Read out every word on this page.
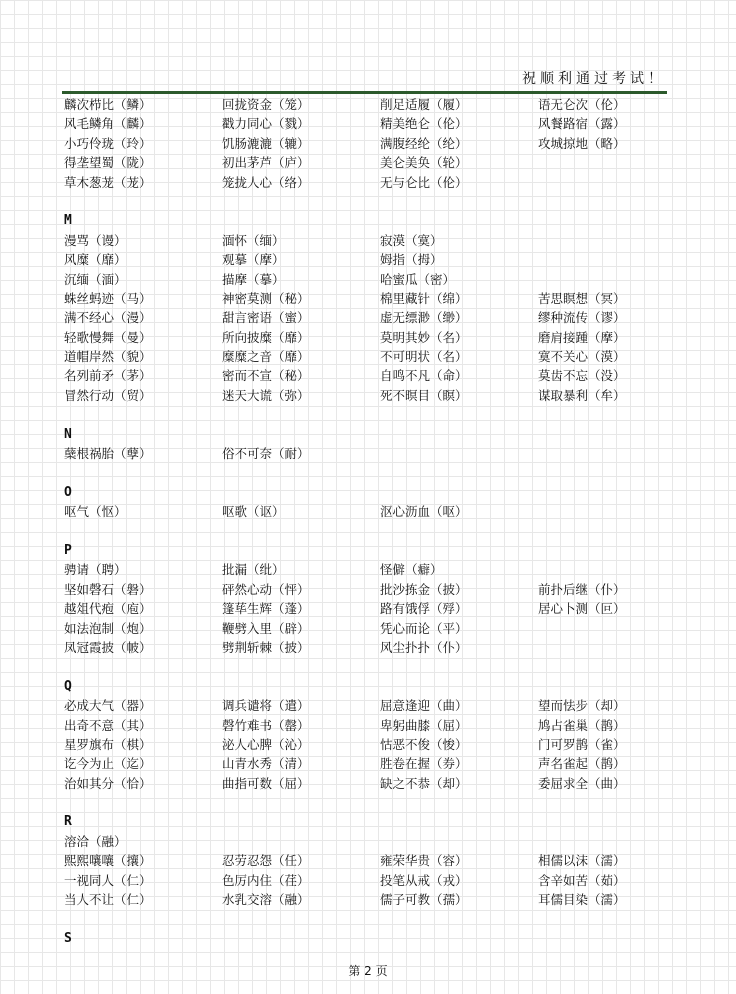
祝顺利通过考试！
麟次栉比（鳞）	回拢资金（笼）	削足适履（履）	语无仑次（伦）
风毛鳞角（麟）	戳力同心（戮）	精美绝仑（伦）	风餐路宿（露）
小巧伶珑（玲）	饥肠漉漉（辘）	满腹经纶（纶）	攻城掠地（略）
得垄望蜀（陇）	初出茅芦（庐）	美仑美奂（轮）
草木葱茏（茏）	笼拢人心（络）	无与仑比（伦）
M
漫骂（谩）	湎怀（缅）	寂漠（寞）
风糜（靡）	观摹（摩）	姆指（拇）
沉缅（湎）	描摩（摹）	哈蜜瓜（密）
蛛丝蚂迹（马）	神密莫测（秘）	棉里藏针（绵）	苦思瞑想（冥）
满不经心（漫）	甜言密语（蜜）	虚无缥渺（缈）	缪种流传（谬）
轻歌慢舞（曼）	所向披糜（靡）	莫明其妙（名）	磨肩接踵（摩）
道帽岸然（貌）	糜糜之音（靡）	不可明状（名）	寞不关心（漠）
名列前矛（茅）	密而不宣（秘）	自鸣不凡（命）	莫齿不忘（没）
冒然行动（贸）	迷天大谎（弥）	死不暝目（瞑）	谋取暴利（牟）
N
蘖根祸胎（孽）	俗不可奈（耐）
O
呕气（怄）	呕歌（讴）	沤心沥血（呕）
P
骋请（聘）	批漏（纰）	怪僻（癖）
坚如磬石（磐）	砰然心动（怦）	批沙拣金（披）	前扑后继（仆）
越俎代疱（庖）	篷荜生辉（蓬）	路有饿俘（殍）	居心卜测（叵）
如法泡制（炮）	鞭劈入里（辟）	凭心而论（平）
凤冠霞披（帔）	劈荆斩棘（披）	风尘扑扑（仆）
Q
必成大气（器）	调兵谴将（遣）	屈意逢迎（曲）	望而怯步（却）
出奇不意（其）	磬竹难书（罄）	卑躬曲膝（屈）	鸠占雀巢（鹊）
星罗旗布（棋）	泌人心脾（沁）	怙恶不俊（悛）	门可罗鹊（雀）
讫今为止（迄）	山青水秀（清）	胜卷在握（券）	声名雀起（鹊）
治如其分（恰）	曲指可数（屈）	缺之不恭（却）	委屈求全（曲）
R
溶洽（融）
熙熙嚷嚷（攘）	忍劳忍怨（任）	雍荣华贵（容）	相儒以沫（濡）
一视同人（仁）	色厉内住（荏）	投笔从戒（戎）	含辛如苦（茹）
当人不让（仁）	水乳交溶（融）	儒子可教（孺）	耳儒目染（濡）
S
第 2 页
